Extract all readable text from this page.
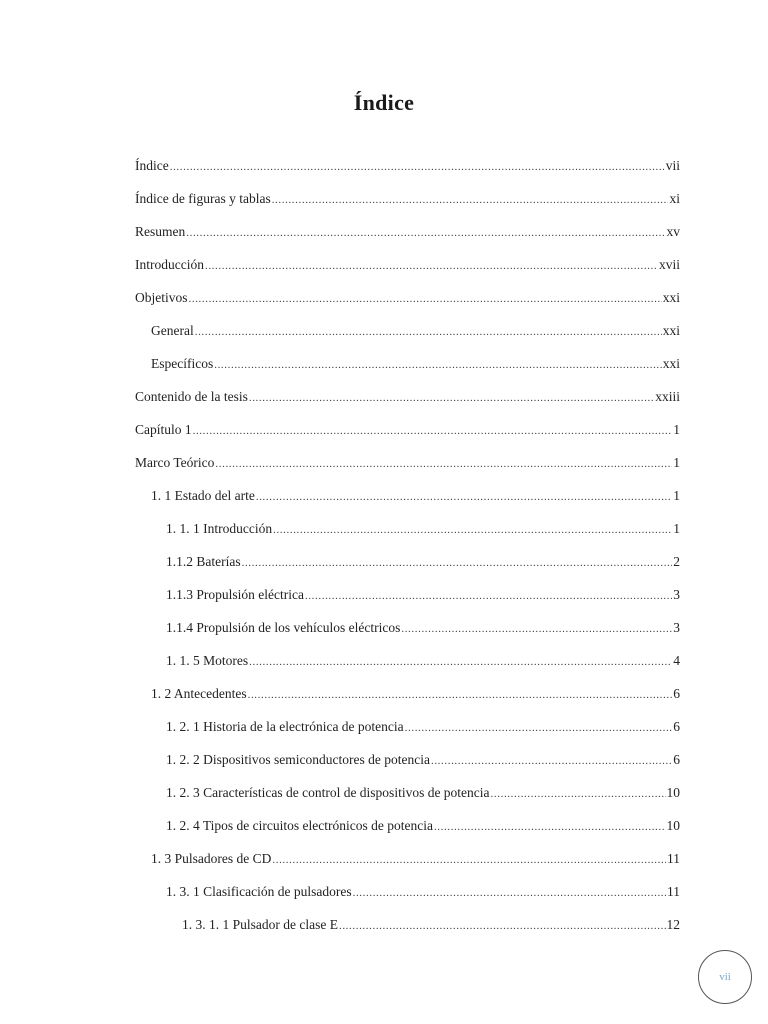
Índice
Índice .....	vii
Índice de figuras y tablas .....	xi
Resumen .....	xv
Introducción .....	xvii
Objetivos .....	xxi
General .....	xxi
Específicos .....	xxi
Contenido de la tesis .....	xxiii
Capítulo 1 .....	1
Marco Teórico .....	1
1. 1 Estado del arte .....	1
1. 1. 1 Introducción .....	1
1.1.2 Baterías .....	2
1.1.3 Propulsión eléctrica .....	3
1.1.4 Propulsión de los vehículos eléctricos .....	3
1. 1. 5 Motores .....	4
1. 2 Antecedentes .....	6
1. 2. 1 Historia de la electrónica de potencia .....	6
1. 2. 2 Dispositivos semiconductores de potencia .....	6
1. 2. 3 Características de control de dispositivos de potencia .....	10
1. 2. 4 Tipos de circuitos electrónicos de potencia .....	10
1. 3 Pulsadores de CD .....	11
1. 3. 1 Clasificación de pulsadores .....	11
1. 3. 1. 1 Pulsador de clase E .....	12
vii
